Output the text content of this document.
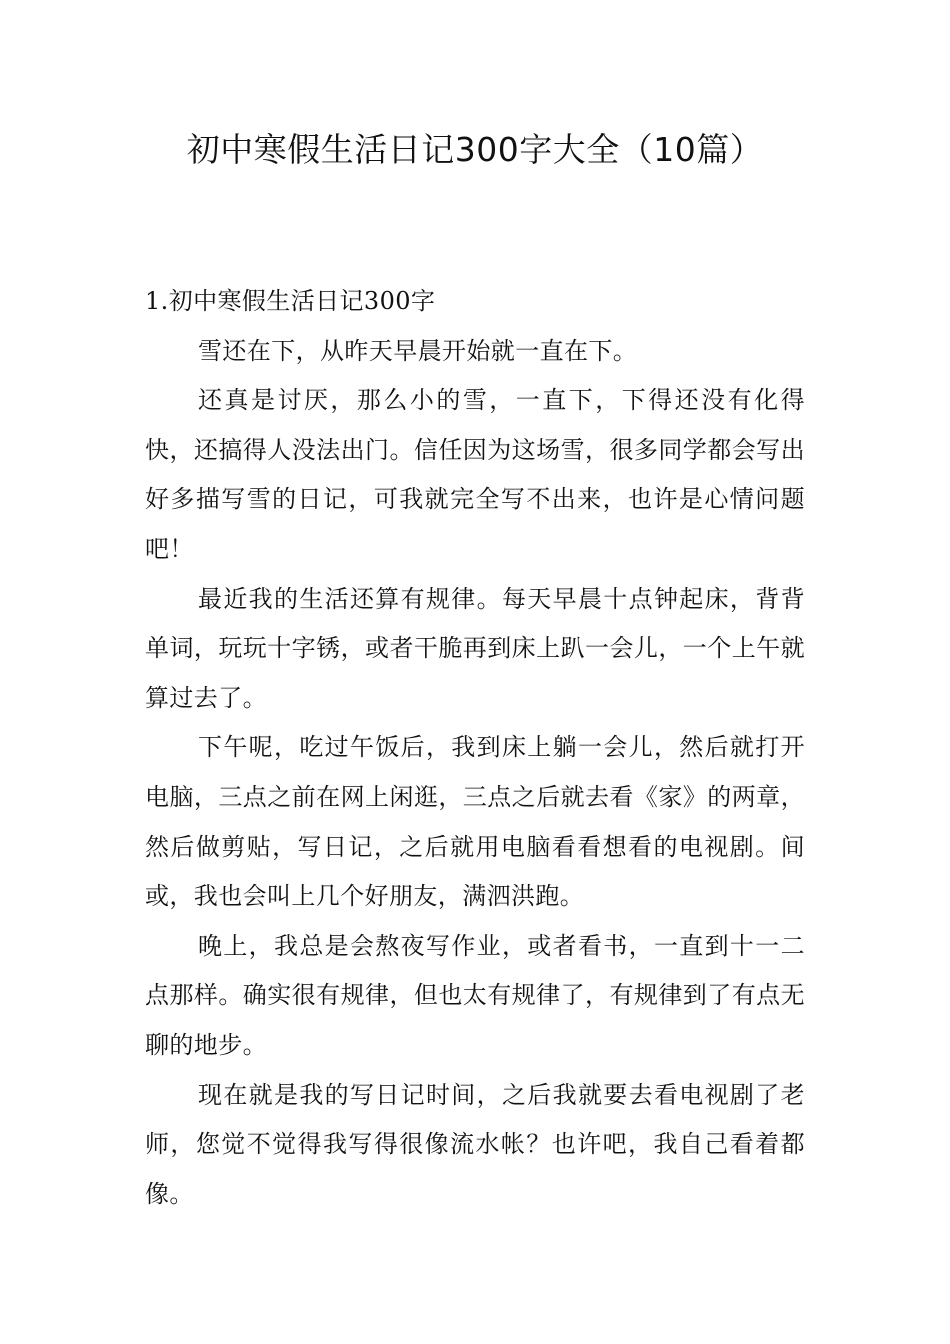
初中寒假生活日记300字大全（10篇）
1.初中寒假生活日记300字

雪还在下，从昨天早晨开始就一直在下。

还真是讨厌，那么小的雪，一直下，下得还没有化得快，还搞得人没法出门。信任因为这场雪，很多同学都会写出好多描写雪的日记，可我就完全写不出来，也许是心情问题吧！

最近我的生活还算有规律。每天早晨十点钟起床，背背单词，玩玩十字锈，或者干脆再到床上趴一会儿，一个上午就算过去了。

下午呢，吃过午饭后，我到床上躺一会儿，然后就打开电脑，三点之前在网上闲逛，三点之后就去看《家》的两章，然后做剪贴，写日记，之后就用电脑看看想看的电视剧。间或，我也会叫上几个好朋友，满泗洪跑。

晚上，我总是会熬夜写作业，或者看书，一直到十一二点那样。确实很有规律，但也太有规律了，有规律到了有点无聊的地步。

现在就是我的写日记时间，之后我就要去看电视剧了老师，您觉不觉得我写得很像流水帐？也许吧，我自己看着都像。
